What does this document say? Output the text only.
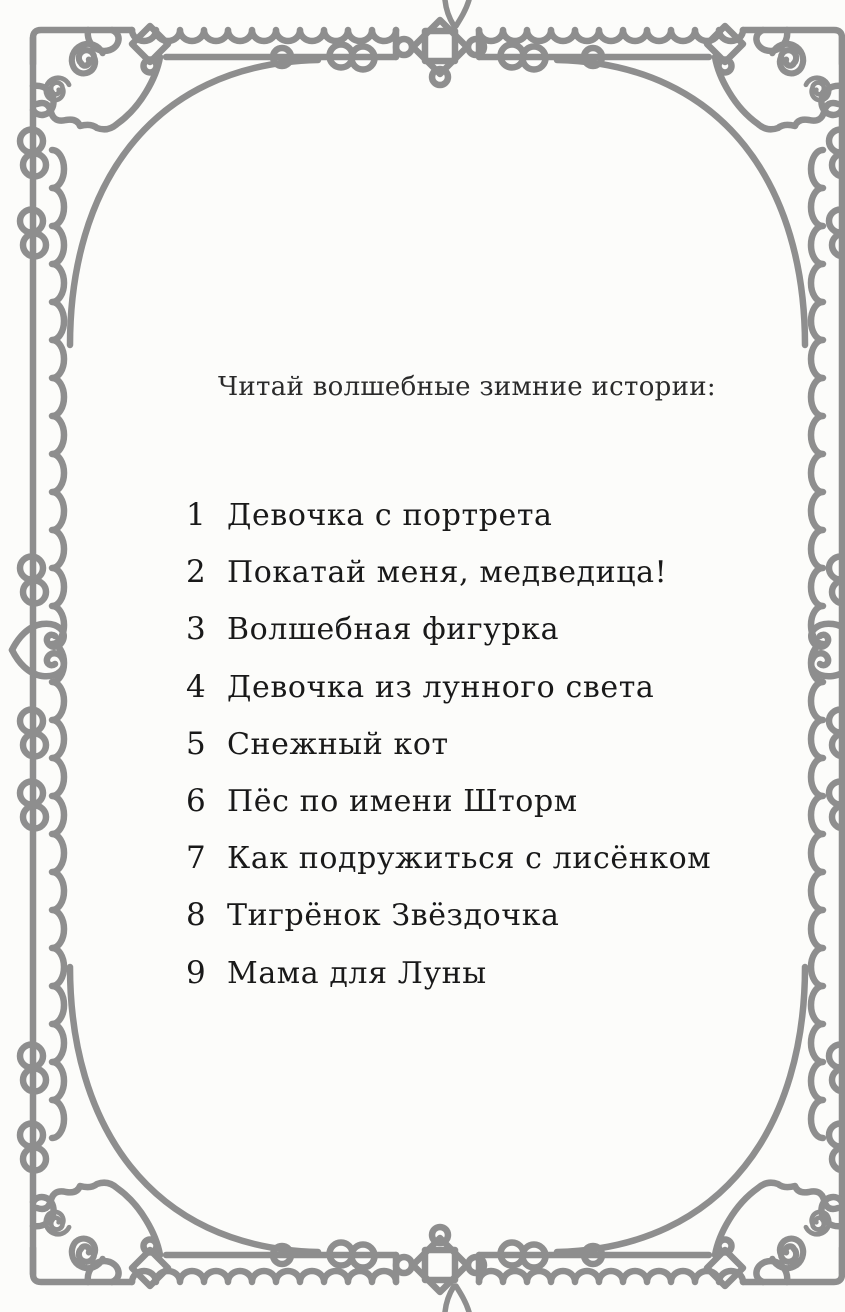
Читай волшебные зимние истории:
1 Девочка с портрета
2 Покатай меня, медведица!
3 Волшебная фигурка
4 Девочка из лунного света
5 Снежный кот
6 Пёс по имени Шторм
7 Как подружиться с лисёнком
8 Тигрёнок Звёздочка
9 Мама для Луны
